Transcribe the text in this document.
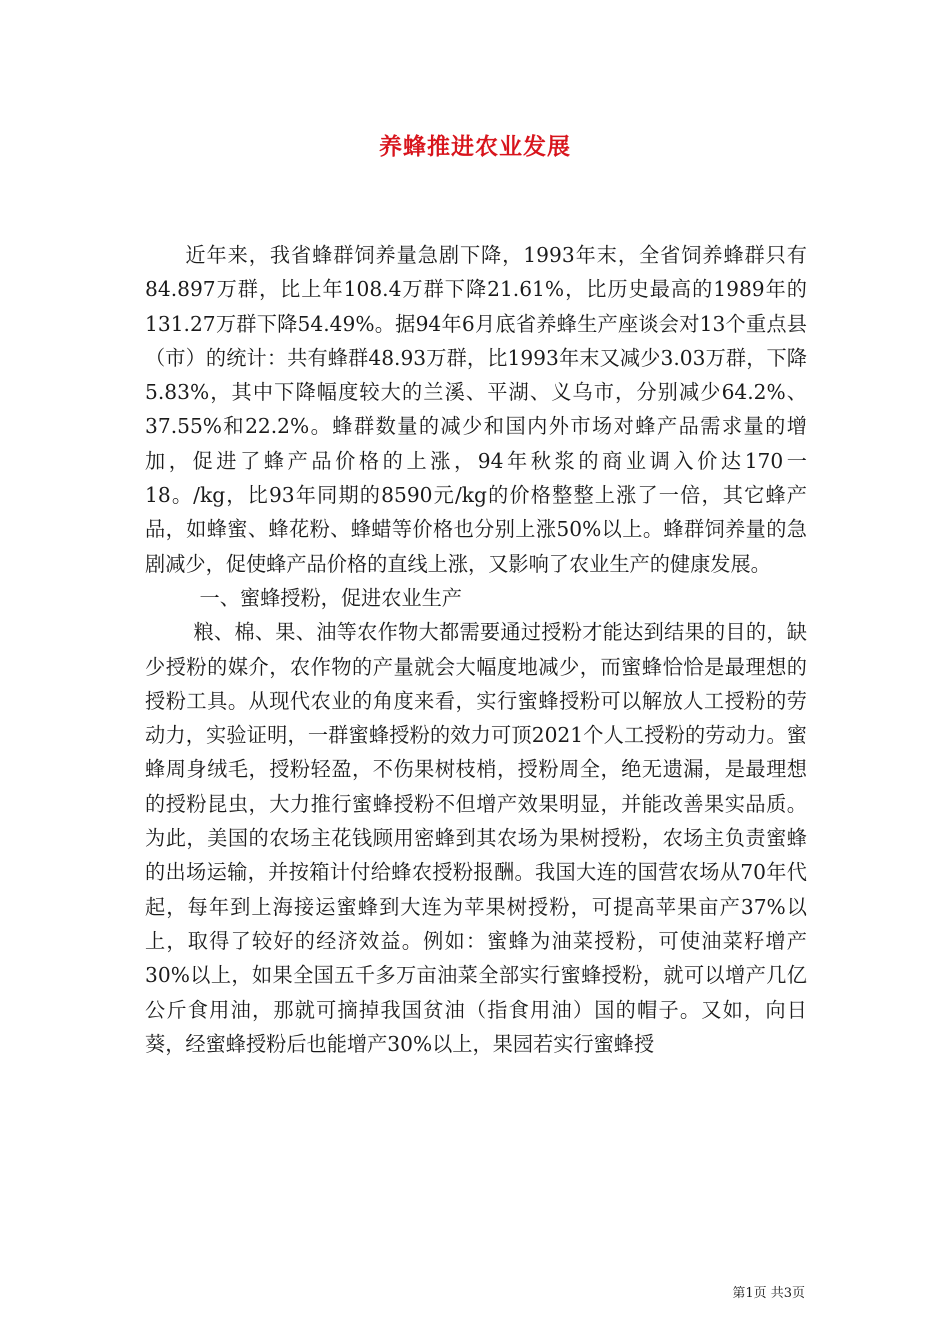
养蜂推进农业发展

近年来，我省蜂群饲养量急剧下降，1993年末，全省饲养蜂群只有84.897万群，比上年108.4万群下降21.61%，比历史最高的1989年的131.27万群下降54.49%。据94年6月底省养蜂生产座谈会对13个重点县（市）的统计：共有蜂群48.93万群，比1993年末又减少3.03万群，下降5.83%，其中下降幅度较大的兰溪、平湖、义乌市，分别减少64.2%、37.55%和22.2%。蜂群数量的减少和国内外市场对蜂产品需求量的增加，促进了蜂产品价格的上涨，94年秋浆的商业调入价达170一18。/kg，比93年同期的8590元/kg的价格整整上涨了一倍，其它蜂产品，如蜂蜜、蜂花粉、蜂蜡等价格也分别上涨50%以上。蜂群饲养量的急剧减少，促使蜂产品价格的直线上涨，又影响了农业生产的健康发展。

一、蜜蜂授粉，促进农业生产

粮、棉、果、油等农作物大都需要通过授粉才能达到结果的目的，缺少授粉的媒介，农作物的产量就会大幅度地减少，而蜜蜂恰恰是最理想的授粉工具。从现代农业的角度来看，实行蜜蜂授粉可以解放人工授粉的劳动力，实验证明，一群蜜蜂授粉的效力可顶2021个人工授粉的劳动力。蜜蜂周身绒毛，授粉轻盈，不伤果树枝梢，授粉周全，绝无遗漏，是最理想的授粉昆虫，大力推行蜜蜂授粉不但增产效果明显，并能改善果实品质。为此，美国的农场主花钱顾用密蜂到其农场为果树授粉，农场主负责蜜蜂的出场运输，并按箱计付给蜂农授粉报酬。我国大连的国营农场从70年代起，每年到上海接运蜜蜂到大连为苹果树授粉，可提高苹果亩产37%以上，取得了较好的经济效益。例如：蜜蜂为油菜授粉，可使油菜籽增产30%以上，如果全国五千多万亩油菜全部实行蜜蜂授粉，就可以增产几亿公斤食用油，那就可摘掉我国贫油（指食用油）国的帽子。又如，向日葵，经蜜蜂授粉后也能增产30%以上，果园若实行蜜蜂授

第1页 共3页
